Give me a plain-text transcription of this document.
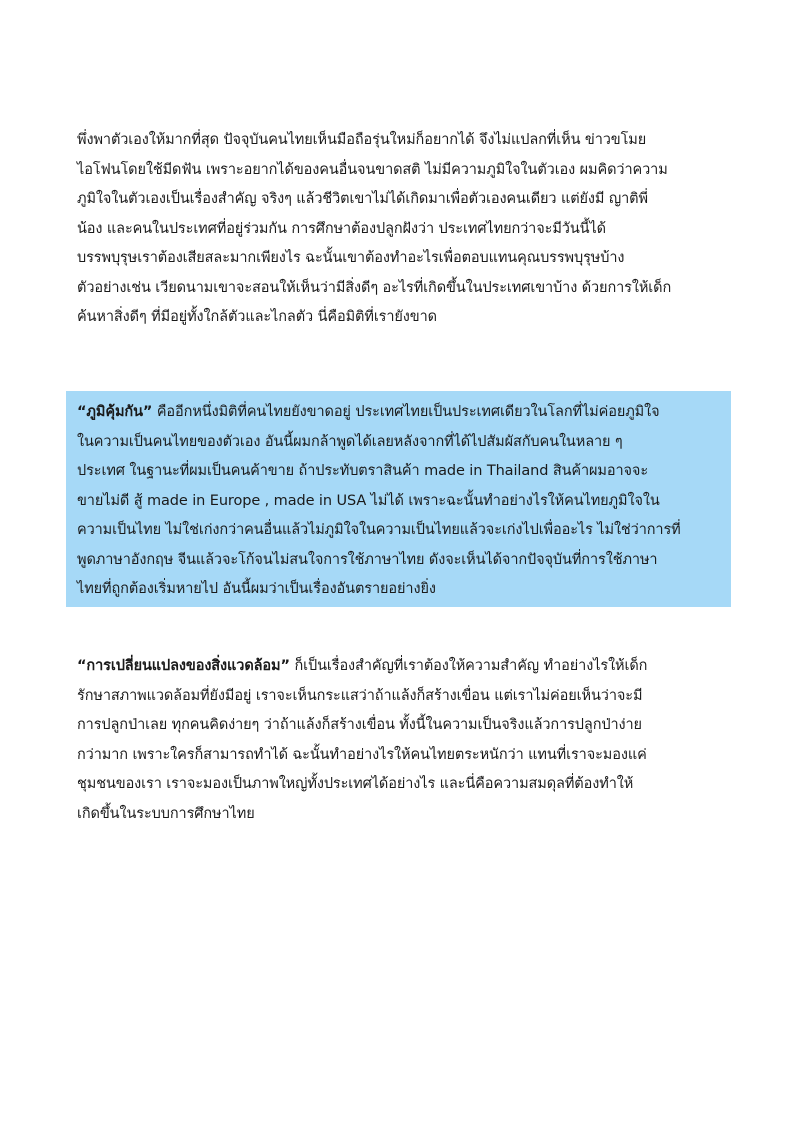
พึ่งพาตัวเองให้มากที่สุด ปัจจุบันคนไทยเห็นมือถือรุ่นใหม่ก็อยากได้ จึงไม่แปลกที่เห็น ข่าวขโมย
ไอโฟนโดยใช้มีดฟัน เพราะอยากได้ของคนอื่นจนขาดสติ ไม่มีความภูมิใจในตัวเอง ผมคิดว่าความ
ภูมิใจในตัวเองเป็นเรื่องสำคัญ จริงๆ แล้วชีวิตเขาไม่ได้เกิดมาเพื่อตัวเองคนเดียว แต่ยังมี ญาติพี่
น้อง และคนในประเทศที่อยู่ร่วมกัน การศึกษาต้องปลูกฝังว่า ประเทศไทยกว่าจะมีวันนี้ได้
บรรพบุรุษเราต้องเสียสละมากเพียงไร ฉะนั้นเขาต้องทำอะไรเพื่อตอบแทนคุณบรรพบุรุษบ้าง
ตัวอย่างเช่น เวียดนามเขาจะสอนให้เห็นว่ามีสิ่งดีๆ อะไรที่เกิดขึ้นในประเทศเขาบ้าง ด้วยการให้เด็ก
ค้นหาสิ่งดีๆ ที่มีอยู่ทั้งใกล้ตัวและไกลตัว นี่คือมิติที่เรายังขาด
“ภูมิคุ้มกัน” คืออีกหนึ่งมิติที่คนไทยยังขาดอยู่ ประเทศไทยเป็นประเทศเดียวในโลกที่ไม่ค่อยภูมิใจ
ในความเป็นคนไทยของตัวเอง อันนี้ผมกล้าพูดได้เลยหลังจากที่ได้ไปสัมผัสกับคนในหลาย ๆ
ประเทศ ในฐานะที่ผมเป็นคนค้าขาย ถ้าประทับตราสินค้า made in Thailand สินค้าผมอาจจะ
ขายไม่ดี สู้ made in Europe , made in USA ไม่ได้ เพราะฉะนั้นทำอย่างไรให้คนไทยภูมิใจใน
ความเป็นไทย ไม่ใช่เก่งกว่าคนอื่นแล้วไม่ภูมิใจในความเป็นไทยแล้วจะเก่งไปเพื่ออะไร ไม่ใช่ว่าการที่
พูดภาษาอังกฤษ จีนแล้วจะโก้จนไม่สนใจการใช้ภาษาไทย ดังจะเห็นได้จากปัจจุบันที่การใช้ภาษา
ไทยที่ถูกต้องเริ่มหายไป อันนี้ผมว่าเป็นเรื่องอันตรายอย่างยิ่ง
“การเปลี่ยนแปลงของสิ่งแวดล้อม” ก็เป็นเรื่องสำคัญที่เราต้องให้ความสำคัญ ทำอย่างไรให้เด็ก
รักษาสภาพแวดล้อมที่ยังมีอยู่ เราจะเห็นกระแสว่าถ้าแล้งก็สร้างเขื่อน แต่เราไม่ค่อยเห็นว่าจะมี
การปลูกป่าเลย ทุกคนคิดง่ายๆ ว่าถ้าแล้งก็สร้างเขื่อน ทั้งนี้ในความเป็นจริงแล้วการปลูกป่าง่าย
กว่ามาก เพราะใครก็สามารถทำได้ ฉะนั้นทำอย่างไรให้คนไทยตระหนักว่า แทนที่เราจะมองแค่
ชุมชนของเรา เราจะมองเป็นภาพใหญ่ทั้งประเทศได้อย่างไร และนี่คือความสมดุลที่ต้องทำให้
เกิดขึ้นในระบบการศึกษาไทย
